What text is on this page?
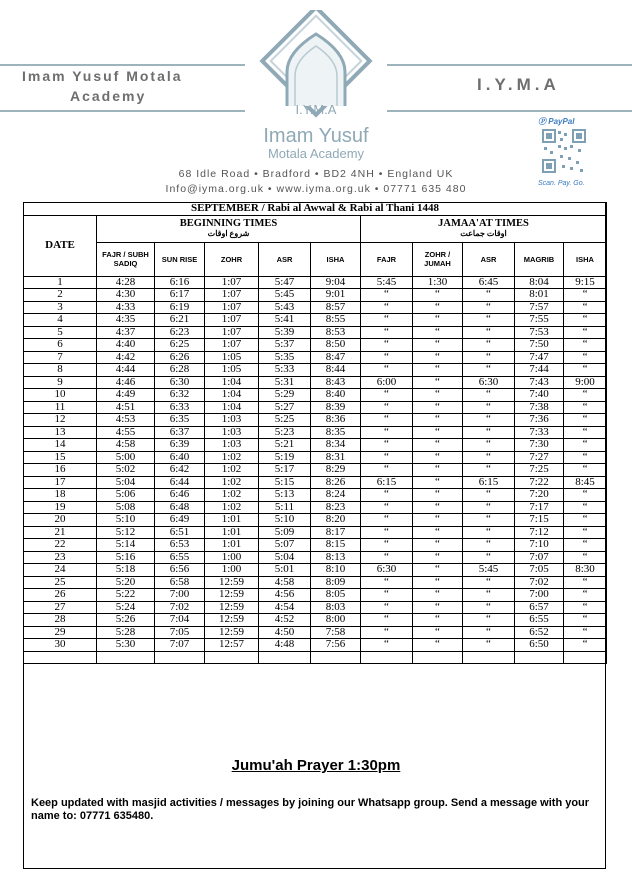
Imam Yusuf Motala
Academy
I.Y.M.A
I.Y.M.A
Imam Yusuf
Motala Academy
68 Idle Road • Bradford • BD2 4NH • England UK
Info@iyma.org.uk • www.iyma.org.uk • 07771 635 480
Ⓟ PayPal
Scan. Pay. Go.
SEPTEMBER / Rabi al Awwal & Rabi al Thani 1448										
DATE	BEGINNING TIMES
شروع اوقات					JAMAA'AT TIMES
اوقات جماعت				

	FAJR / SUBH SADIQ	SUN RISE	ZOHR	ASR	ISHA	FAJR	ZOHR / JUMAH	ASR	MAGRIB	ISHA
1	4:28	6:16	1:07	5:47	9:04	5:45	1:30	6:45	8:04	9:15
2	4:30	6:17	1:07	5:45	9:01	“	“	“	8:01	“
3	4:33	6:19	1:07	5:43	8:57	“	“	“	7:57	“
4	4:35	6:21	1:07	5:41	8:55	“	“	“	7:55	“
5	4:37	6:23	1:07	5:39	8:53	“	“	“	7:53	“
6	4:40	6:25	1:07	5:37	8:50	“	“	“	7:50	“
7	4:42	6:26	1:05	5:35	8:47	“	“	“	7:47	“
8	4:44	6:28	1:05	5:33	8:44	“	“	“	7:44	“
9	4:46	6:30	1:04	5:31	8:43	6:00	“	6:30	7:43	9:00
10	4:49	6:32	1:04	5:29	8:40	“	“	“	7:40	“
11	4:51	6:33	1:04	5:27	8:39	“	“	“	7:38	“
12	4:53	6:35	1:03	5:25	8:36	“	“	“	7:36	“
13	4:55	6:37	1:03	5:23	8:35	“	“	“	7:33	“
14	4:58	6:39	1:03	5:21	8:34	“	“	“	7:30	“
15	5:00	6:40	1:02	5:19	8:31	“	“	“	7:27	“
16	5:02	6:42	1:02	5:17	8:29	“	“	“	7:25	“
17	5:04	6:44	1:02	5:15	8:26	6:15	“	6:15	7:22	8:45
18	5:06	6:46	1:02	5:13	8:24	“	“	“	7:20	“
19	5:08	6:48	1:02	5:11	8:23	“	“	“	7:17	“
20	5:10	6:49	1:01	5:10	8:20	“	“	“	7:15	“
21	5:12	6:51	1:01	5:09	8:17	“	“	“	7:12	“
22	5:14	6:53	1:01	5:07	8:15	“	“	“	7:10	“
23	5:16	6:55	1:00	5:04	8:13	“	“	“	7:07	“
24	5:18	6:56	1:00	5:01	8:10	6:30	“	5:45	7:05	8:30
25	5:20	6:58	12:59	4:58	8:09	“	“	“	7:02	“
26	5:22	7:00	12:59	4:56	8:05	“	“	“	7:00	“
27	5:24	7:02	12:59	4:54	8:03	“	“	“	6:57	“
28	5:26	7:04	12:59	4:52	8:00	“	“	“	6:55	“
29	5:28	7:05	12:59	4:50	7:58	“	“	“	6:52	“
30	5:30	7:07	12:57	4:48	7:56	“	“	“	6:50	“

Jumu'ah Prayer 1:30pm
Keep updated with masjid activities / messages by joining our Whatsapp group. Send a message with your name to: 07771 635480.
